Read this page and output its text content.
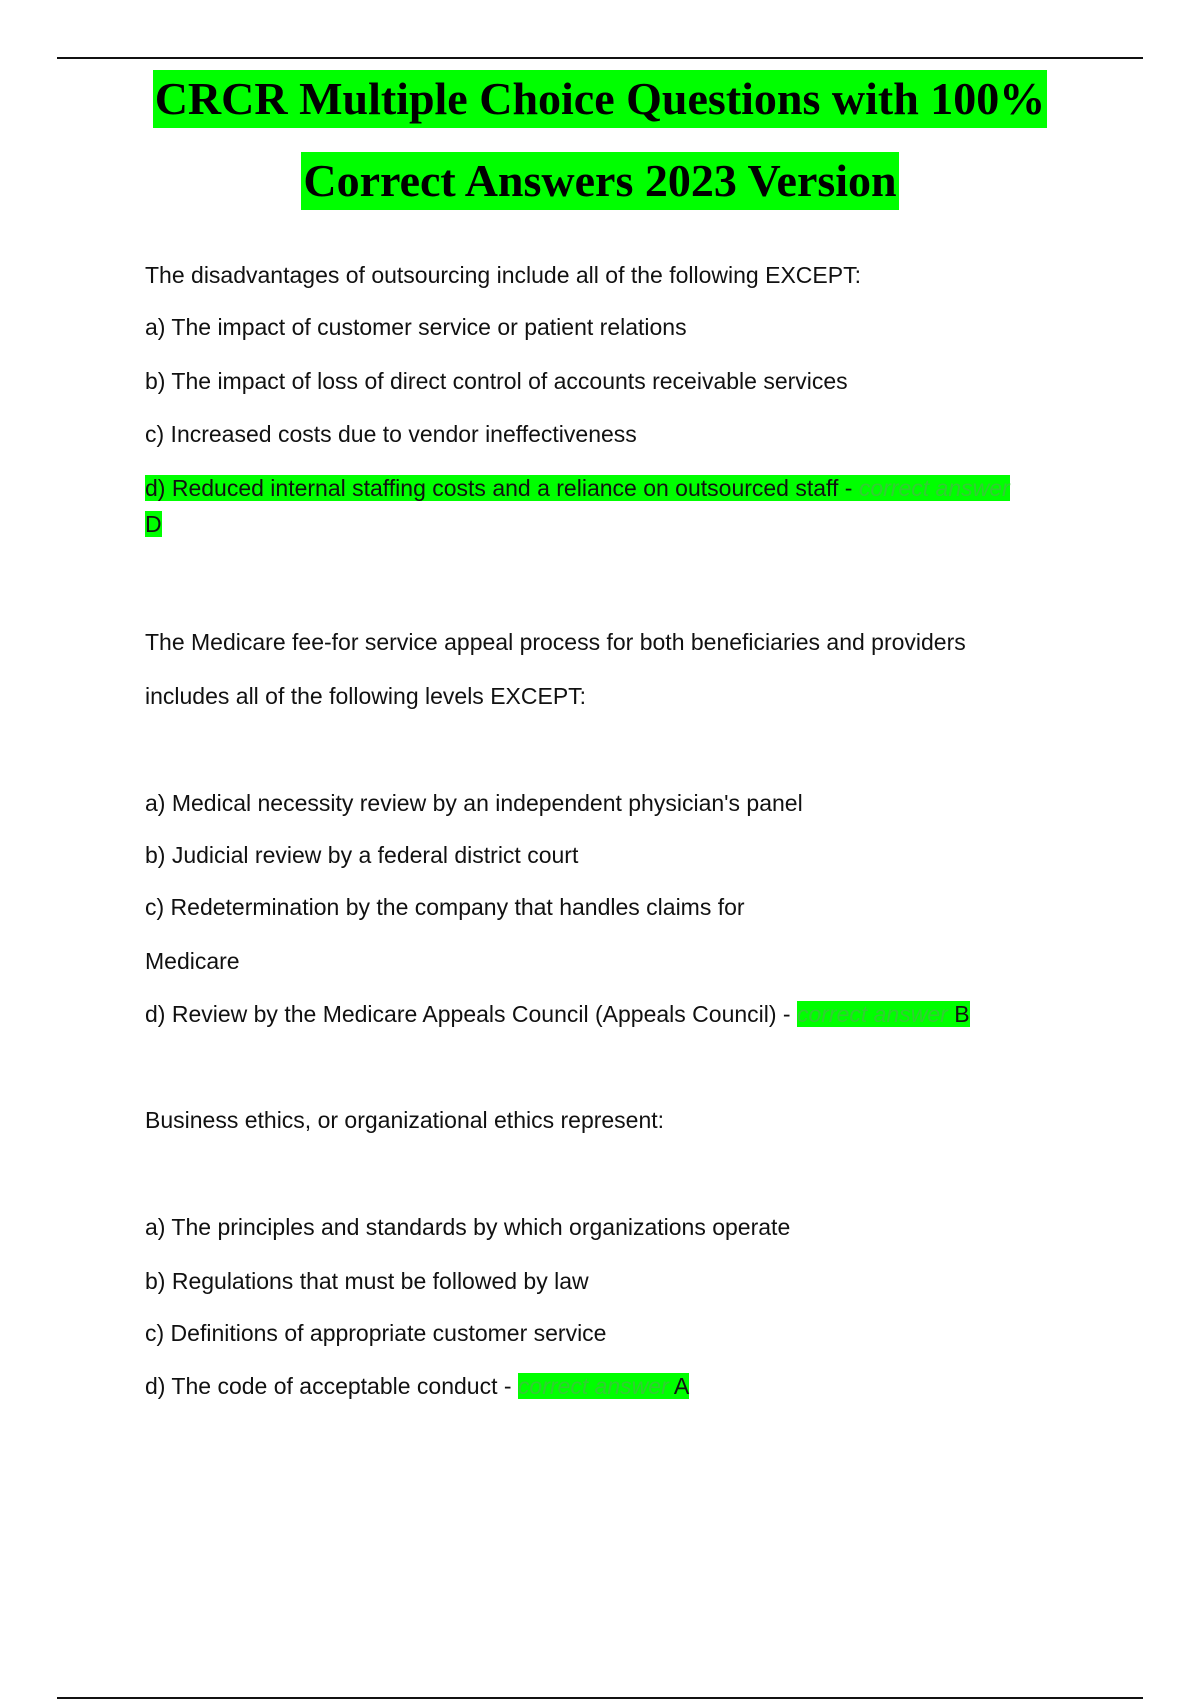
CRCR Multiple Choice Questions with 100%
Correct Answers 2023 Version
The disadvantages of outsourcing include all of the following EXCEPT:
a) The impact of customer service or patient relations
b) The impact of loss of direct control of accounts receivable services
c) Increased costs due to vendor ineffectiveness
d) Reduced internal staffing costs and a reliance on outsourced staff - correct answer D
The Medicare fee-for service appeal process for both beneficiaries and providers
includes all of the following levels EXCEPT:
a) Medical necessity review by an independent physician's panel
b) Judicial review by a federal district court
c) Redetermination by the company that handles claims for
Medicare
d) Review by the Medicare Appeals Council (Appeals Council) - correct answer B
Business ethics, or organizational ethics represent:
a) The principles and standards by which organizations operate
b) Regulations that must be followed by law
c) Definitions of appropriate customer service
d) The code of acceptable conduct - correct answer A
